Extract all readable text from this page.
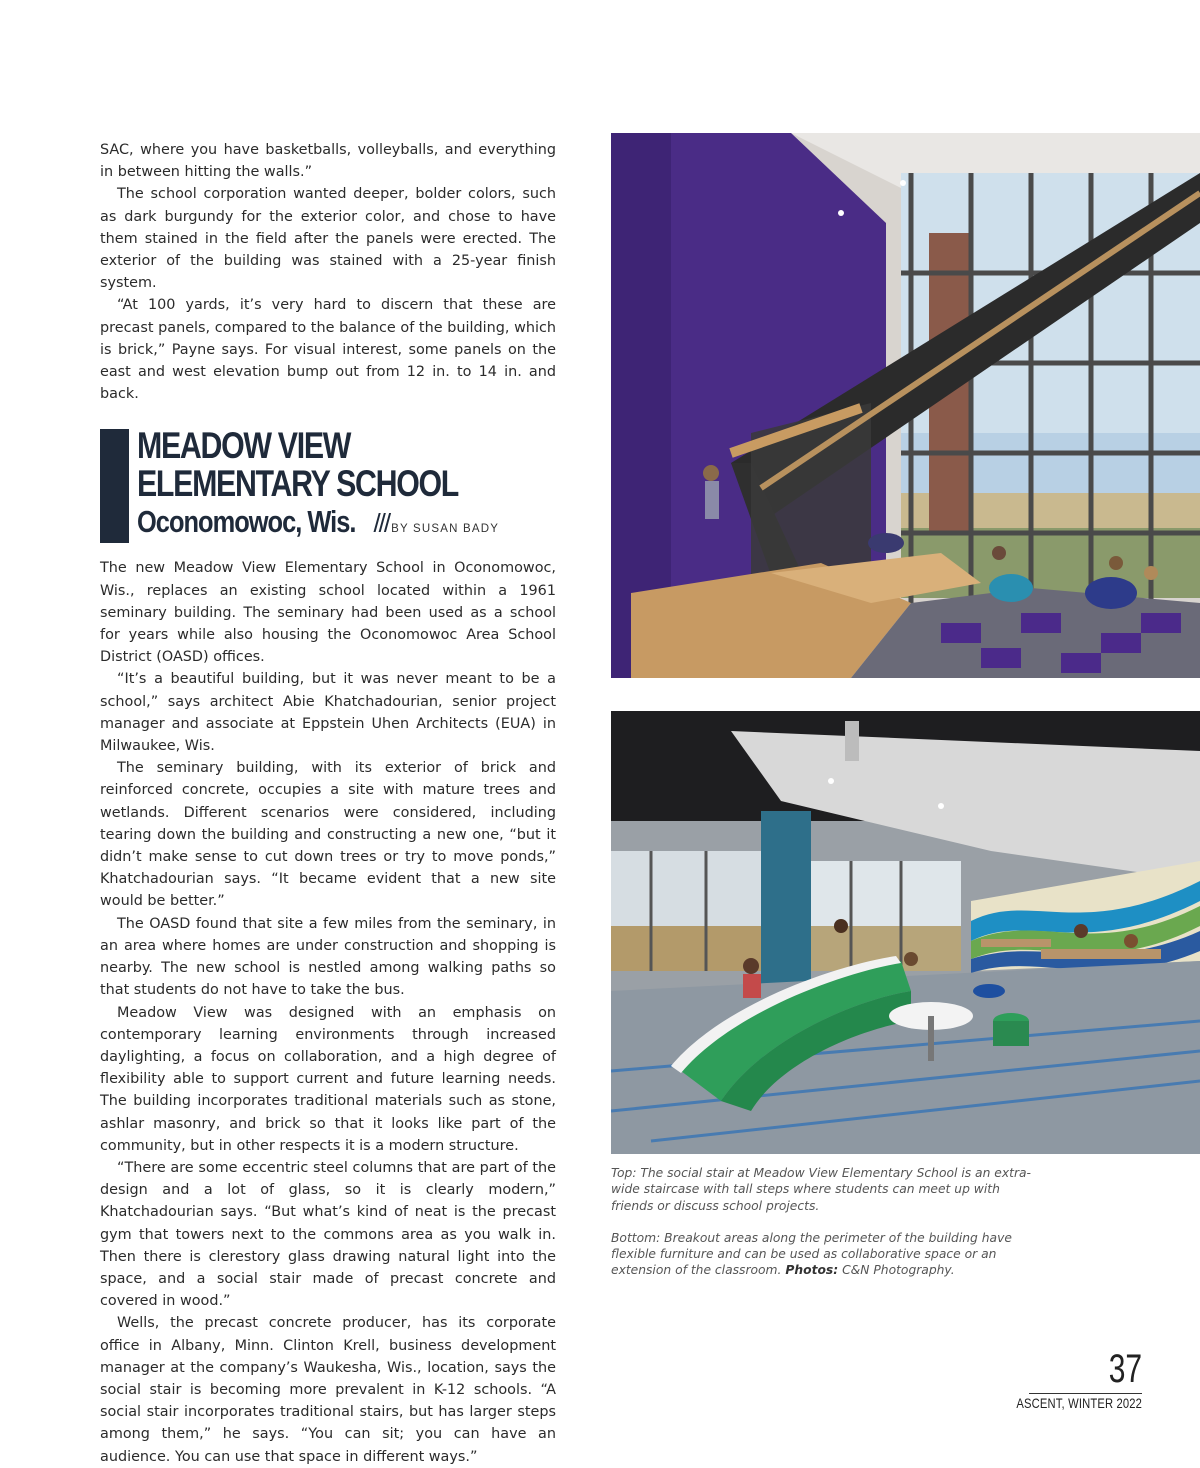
SAC, where you have basketballs, volleyballs, and everything in between hitting the walls.”

The school corporation wanted deeper, bolder colors, such as dark burgundy for the exterior color, and chose to have them stained in the field after the panels were erected. The exterior of the building was stained with a 25-year finish system.

“At 100 yards, it’s very hard to discern that these are precast panels, compared to the balance of the building, which is brick,” Payne says. For visual interest, some panels on the east and west elevation bump out from 12 in. to 14 in. and back.

MEADOW VIEW
ELEMENTARY SCHOOL
Oconomowoc, Wis. /// BY SUSAN BADY

The new Meadow View Elementary School in Oconomowoc, Wis., replaces an existing school located within a 1961 seminary building. The seminary had been used as a school for years while also housing the Oconomowoc Area School District (OASD) offices.

“It’s a beautiful building, but it was never meant to be a school,” says architect Abie Khatchadourian, senior project manager and associate at Eppstein Uhen Architects (EUA) in Milwaukee, Wis.

The seminary building, with its exterior of brick and reinforced concrete, occupies a site with mature trees and wetlands. Different scenarios were considered, including tearing down the building and constructing a new one, “but it didn’t make sense to cut down trees or try to move ponds,” Khatchadourian says. “It became evident that a new site would be better.”

The OASD found that site a few miles from the seminary, in an area where homes are under construction and shopping is nearby. The new school is nestled among walking paths so that students do not have to take the bus.

Meadow View was designed with an emphasis on contemporary learning environments through increased daylighting, a focus on collaboration, and a high degree of flexibility able to support current and future learning needs. The building incorporates traditional materials such as stone, ashlar masonry, and brick so that it looks like part of the community, but in other respects it is a modern structure.

“There are some eccentric steel columns that are part of the design and a lot of glass, so it is clearly modern,” Khatchadourian says. “But what’s kind of neat is the precast gym that towers next to the commons area as you walk in. Then there is clerestory glass drawing natural light into the space, and a social stair made of precast concrete and covered in wood.”

Wells, the precast concrete producer, has its corporate office in Albany, Minn. Clinton Krell, business development manager at the company’s Waukesha, Wis., location, says the social stair is becoming more prevalent in K-12 schools. “A social stair incorporates traditional stairs, but has larger steps among them,” he says. “You can sit; you can have an audience. You can use that space in different ways.”

Top: The social stair at Meadow View Elementary School is an extra-wide staircase with tall steps where students can meet up with friends or discuss school projects.

Bottom: Breakout areas along the perimeter of the building have flexible furniture and can be used as collaborative space or an extension of the classroom. Photos: C&N Photography.

37
ASCENT, WINTER 2022
